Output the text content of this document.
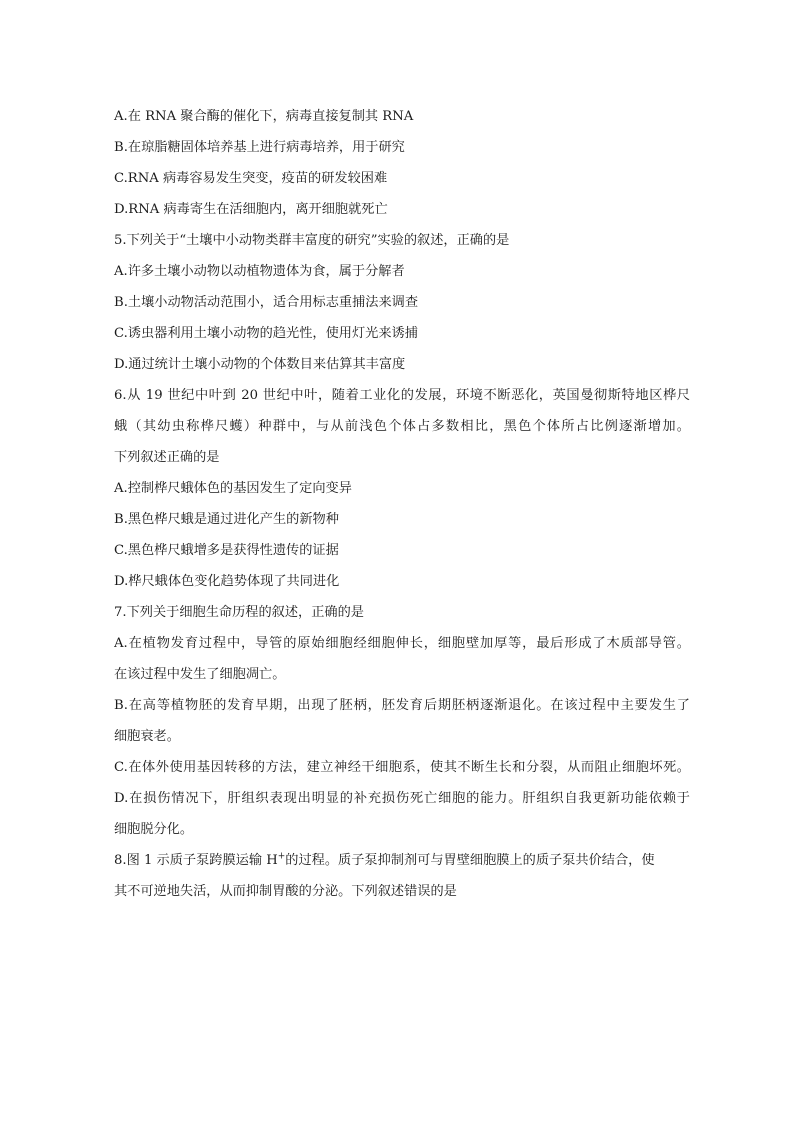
A.在 RNA 聚合酶的催化下，病毒直接复制其 RNA
B.在琼脂糖固体培养基上进行病毒培养，用于研究
C.RNA 病毒容易发生突变，疫苗的研发较困难
D.RNA 病毒寄生在活细胞内，离开细胞就死亡
5.下列关于“土壤中小动物类群丰富度的研究”实验的叙述，正确的是
A.许多土壤小动物以动植物遗体为食，属于分解者
B.土壤小动物活动范围小，适合用标志重捕法来调查
C.诱虫器利用土壤小动物的趋光性，使用灯光来诱捕
D.通过统计土壤小动物的个体数目来估算其丰富度
6.从 19 世纪中叶到 20 世纪中叶，随着工业化的发展，环境不断恶化，英国曼彻斯特地区桦尺
蛾（其幼虫称桦尺蠖）种群中，与从前浅色个体占多数相比，黑色个体所占比例逐渐增加。
下列叙述正确的是
A.控制桦尺蛾体色的基因发生了定向变异
B.黑色桦尺蛾是通过进化产生的新物种
C.黑色桦尺蛾增多是获得性遗传的证据
D.桦尺蛾体色变化趋势体现了共同进化
7.下列关于细胞生命历程的叙述，正确的是
A.在植物发育过程中，导管的原始细胞经细胞伸长，细胞壁加厚等，最后形成了木质部导管。
在该过程中发生了细胞凋亡。
B.在高等植物胚的发育早期，出现了胚柄，胚发育后期胚柄逐渐退化。在该过程中主要发生了
细胞衰老。
C.在体外使用基因转移的方法，建立神经干细胞系，使其不断生长和分裂，从而阻止细胞坏死。
D.在损伤情况下，肝组织表现出明显的补充损伤死亡细胞的能力。肝组织自我更新功能依赖于
细胞脱分化。
8.图 1 示质子泵跨膜运输 H+的过程。质子泵抑制剂可与胃壁细胞膜上的质子泵共价结合，使
其不可逆地失活，从而抑制胃酸的分泌。下列叙述错误的是
